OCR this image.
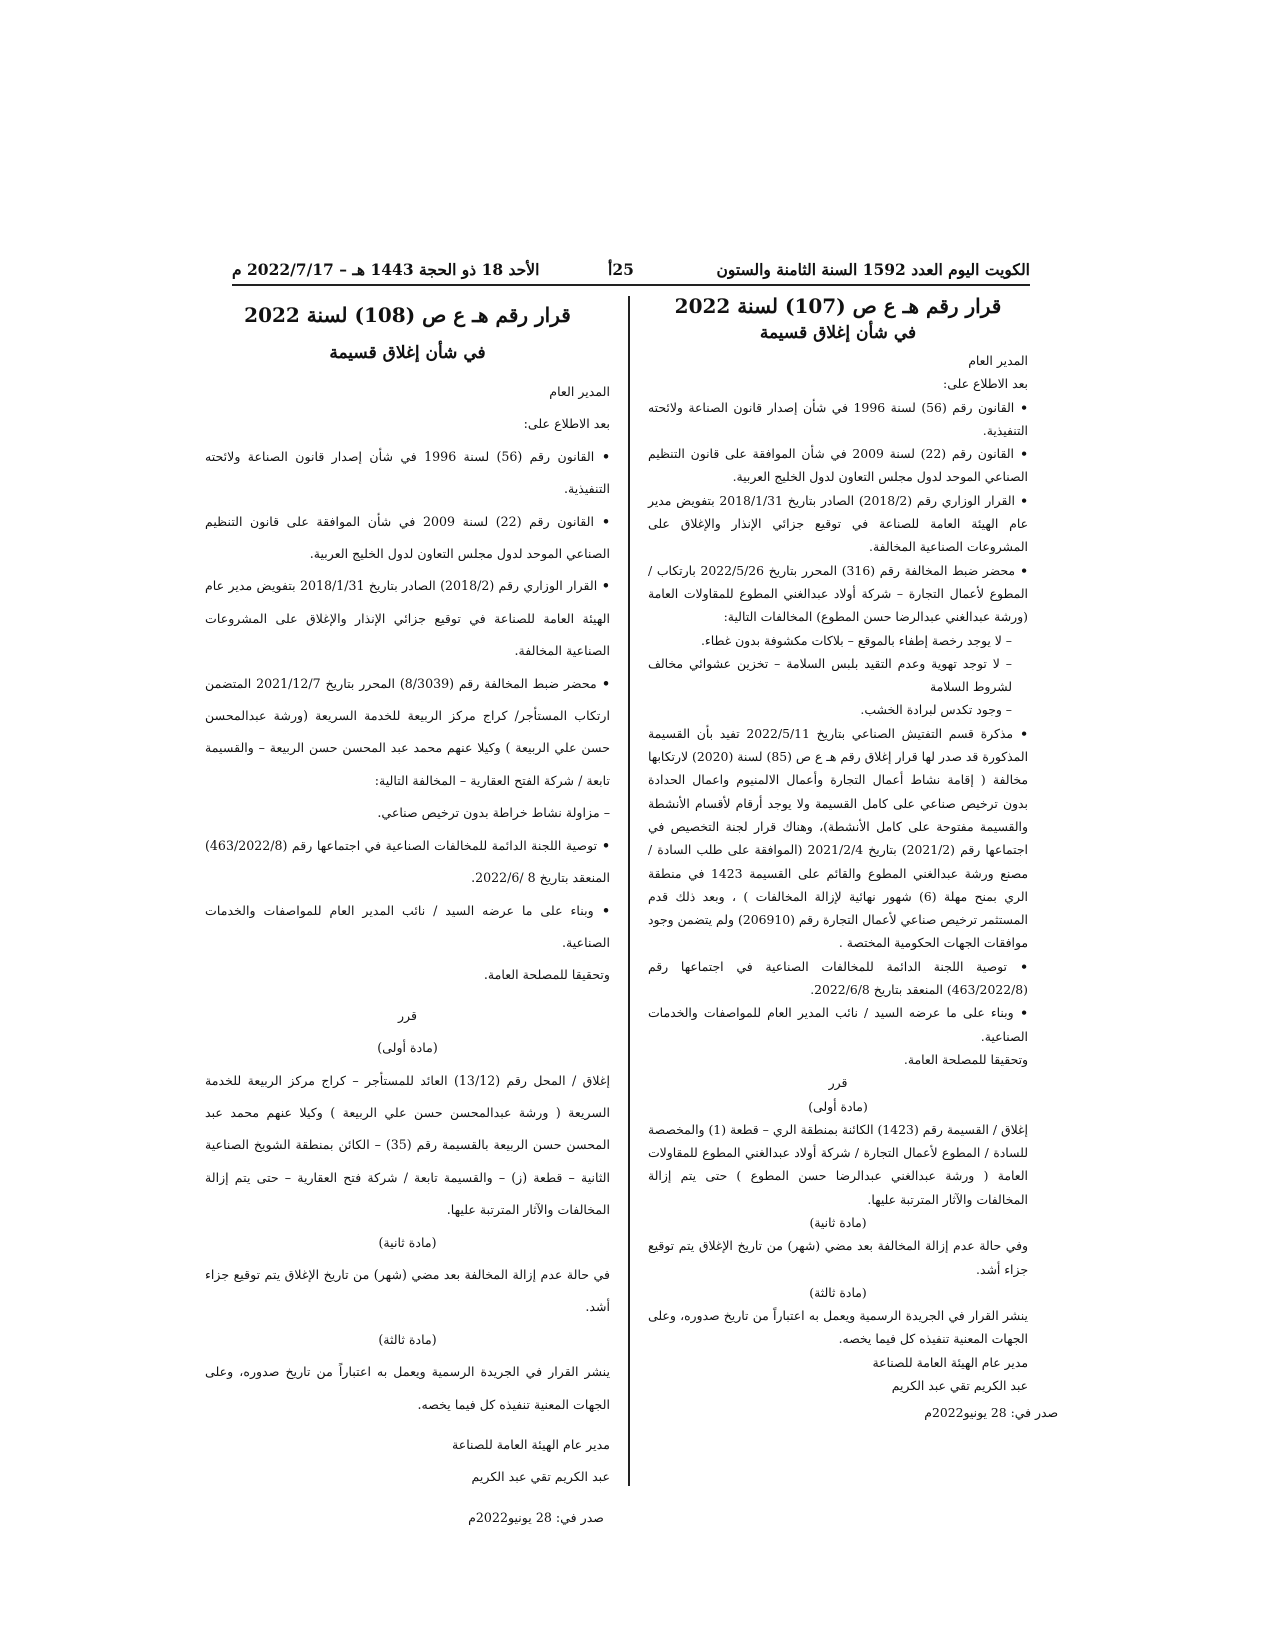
الكويت اليوم العدد 1592 السنة الثامنة والستون
25أ
الأحد 18 ذو الحجة 1443 هـ – 2022/7/17 م

قرار رقم هـ ع ص (107) لسنة 2022

في شأن إغلاق قسيمة

المدير العام

بعد الاطلاع على:

• القانون رقم (56) لسنة 1996 في شأن إصدار قانون الصناعة ولائحته التنفيذية.

• القانون رقم (22) لسنة 2009 في شأن الموافقة على قانون التنظيم الصناعي الموحد لدول مجلس التعاون لدول الخليج العربية.

• القرار الوزاري رقم (2018/2) الصادر بتاريخ 2018/1/31 بتفويض مدير عام الهيئة العامة للصناعة في توقيع جزائي الإنذار والإغلاق على المشروعات الصناعية المخالفة.

• محضر ضبط المخالفة رقم (316) المحرر بتاريخ 2022/5/26 بارتكاب / المطوع لأعمال التجارة – شركة أولاد عبدالغني المطوع للمقاولات العامة (ورشة عبدالغني عبدالرضا حسن المطوع) المخالفات التالية:

– لا يوجد رخصة إطفاء بالموقع – بلاكات مكشوفة بدون غطاء.

– لا توجد تهوية وعدم التقيد بلبس السلامة – تخزين عشوائي مخالف لشروط السلامة

– وجود تكدس لبرادة الخشب.

• مذكرة قسم التفتيش الصناعي بتاريخ 2022/5/11 تفيد بأن القسيمة المذكورة قد صدر لها قرار إغلاق رقم هـ ع ص (85) لسنة (2020) لارتكابها مخالفة ( إقامة نشاط أعمال التجارة وأعمال الالمنيوم واعمال الحدادة بدون ترخيص صناعي على كامل القسيمة ولا يوجد أرقام لأقسام الأنشطة والقسيمة مفتوحة على كامل الأنشطة)، وهناك قرار لجنة التخصيص في اجتماعها رقم (2021/2) بتاريخ 2021/2/4 (الموافقة على طلب السادة / مصنع ورشة عبدالغني المطوع والقائم على القسيمة 1423 في منطقة الري بمنح مهلة (6) شهور نهائية لإزالة المخالفات ) ، وبعد ذلك قدم المستثمر ترخيص صناعي لأعمال التجارة رقم (206910) ولم يتضمن وجود موافقات الجهات الحكومية المختصة .

• توصية اللجنة الدائمة للمخالفات الصناعية في اجتماعها رقم (463/2022/8) المنعقد بتاريخ 2022/6/8.

• وبناء على ما عرضه السيد / نائب المدير العام للمواصفات والخدمات الصناعية.

وتحقيقا للمصلحة العامة.

قرر

(مادة أولى)

إغلاق / القسيمة رقم (1423) الكائنة بمنطقة الري – قطعة (1) والمخصصة للسادة / المطوع لأعمال التجارة / شركة أولاد عبدالغني المطوع للمقاولات العامة ( ورشة عبدالغني عبدالرضا حسن المطوع ) حتى يتم إزالة المخالفات والآثار المترتبة عليها.

(مادة ثانية)

وفي حالة عدم إزالة المخالفة بعد مضي (شهر) من تاريخ الإغلاق يتم توقيع جزاء أشد.

(مادة ثالثة)

ينشر القرار في الجريدة الرسمية ويعمل به اعتباراً من تاريخ صدوره، وعلى الجهات المعنية تنفيذه كل فيما يخصه.

مدير عام الهيئة العامة للصناعة

عبد الكريم تقي عبد الكريم

صدر في: 28 يونيو2022م

قرار رقم هـ ع ص (108) لسنة 2022

في شأن إغلاق قسيمة

المدير العام

بعد الاطلاع على:

• القانون رقم (56) لسنة 1996 في شأن إصدار قانون الصناعة ولائحته التنفيذية.

• القانون رقم (22) لسنة 2009 في شأن الموافقة على قانون التنظيم الصناعي الموحد لدول مجلس التعاون لدول الخليج العربية.

• القرار الوزاري رقم (2018/2) الصادر بتاريخ 2018/1/31 بتفويض مدير عام الهيئة العامة للصناعة في توقيع جزائي الإنذار والإغلاق على المشروعات الصناعية المخالفة.

• محضر ضبط المخالفة رقم (8/3039) المحرر بتاريخ 2021/12/7 المتضمن ارتكاب المستأجر/ كراج مركز الربيعة للخدمة السريعة (ورشة عبدالمحسن حسن علي الربيعة ) وكيلا عنهم محمد عبد المحسن حسن الربيعة – والقسيمة تابعة / شركة الفتح العقارية – المخالفة التالية:

– مزاولة نشاط خراطة بدون ترخيص صناعي.

• توصية اللجنة الدائمة للمخالفات الصناعية في اجتماعها رقم (463/2022/8) المنعقد بتاريخ 8 /2022/6.

• وبناء على ما عرضه السيد / نائب المدير العام للمواصفات والخدمات الصناعية.

وتحقيقا للمصلحة العامة.

قرر

(مادة أولى)

إغلاق / المحل رقم (13/12) العائد للمستأجر – كراج مركز الربيعة للخدمة السريعة ( ورشة عبدالمحسن حسن علي الربيعة ) وكيلا عنهم محمد عبد المحسن حسن الربيعة بالقسيمة رقم (35) – الكائن بمنطقة الشويخ الصناعية الثانية – قطعة (ز) – والقسيمة تابعة / شركة فتح العقارية – حتى يتم إزالة المخالفات والآثار المترتبة عليها.

(مادة ثانية)

في حالة عدم إزالة المخالفة بعد مضي (شهر) من تاريخ الإغلاق يتم توقيع جزاء أشد.

(مادة ثالثة)

ينشر القرار في الجريدة الرسمية ويعمل به اعتباراً من تاريخ صدوره، وعلى الجهات المعنية تنفيذه كل فيما يخصه.

مدير عام الهيئة العامة للصناعة

عبد الكريم تقي عبد الكريم

صدر في: 28 يونيو2022م
